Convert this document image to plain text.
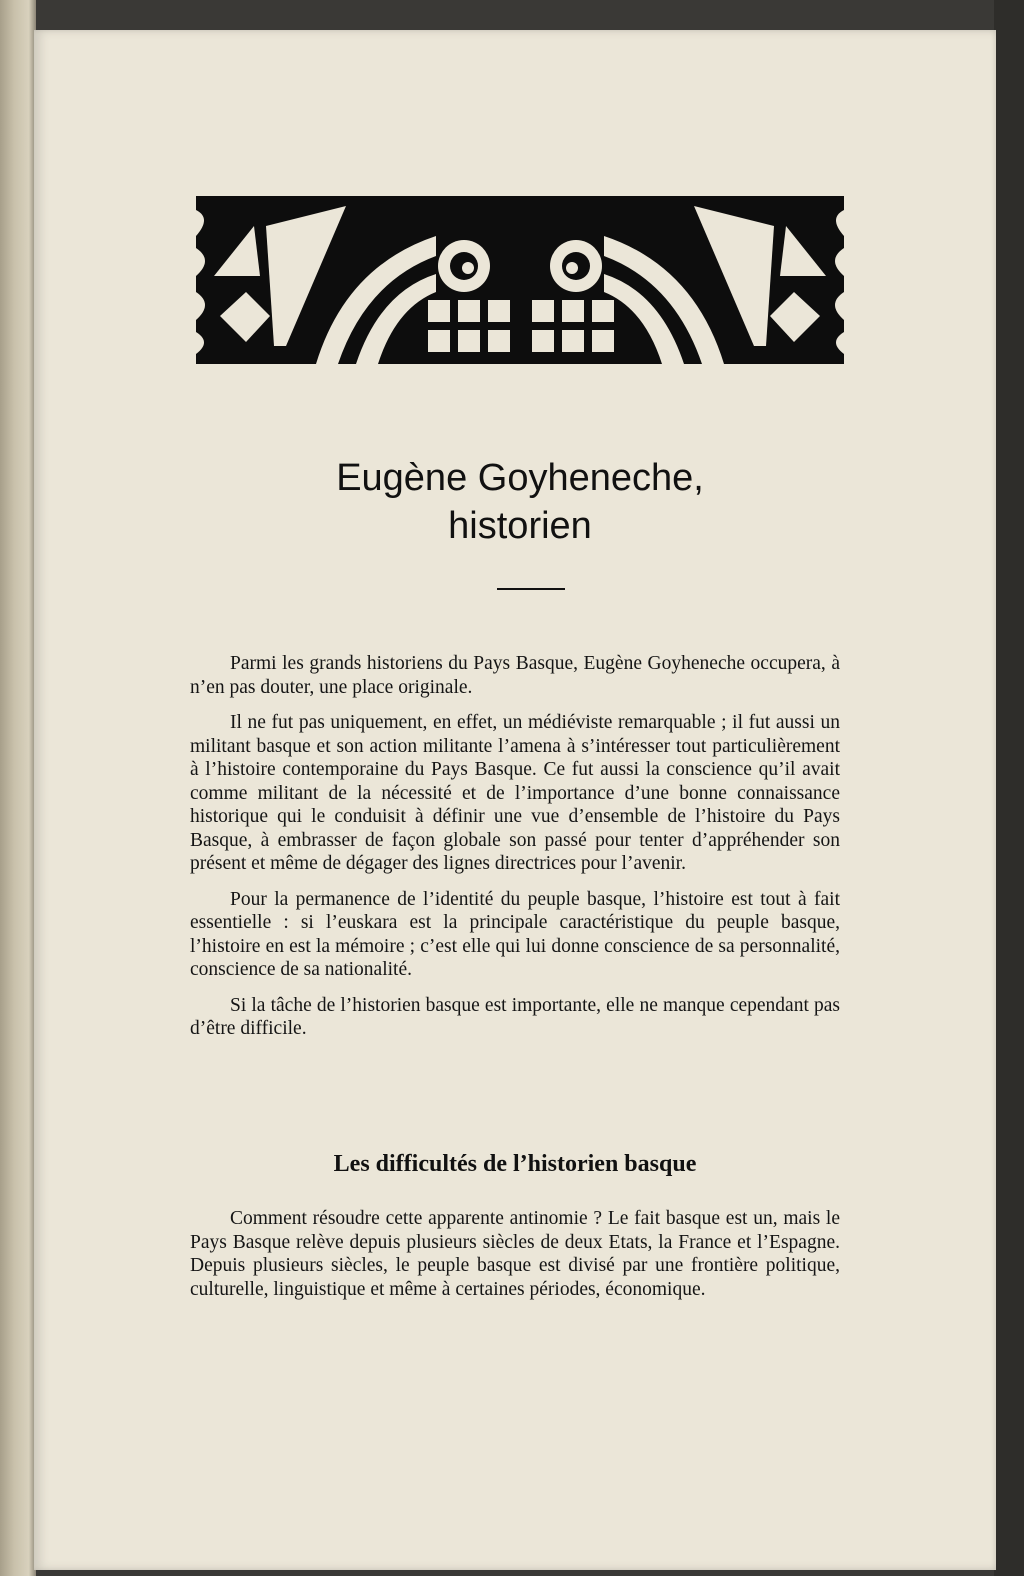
Eugène Goyheneche,
historien

Parmi les grands historiens du Pays Basque, Eugène Goyheneche occupera, à n’en pas douter, une place originale.

Il ne fut pas uniquement, en effet, un médiéviste remarquable ; il fut aussi un militant basque et son action militante l’amena à s’intéresser tout particulièrement à l’histoire contemporaine du Pays Basque. Ce fut aussi la conscience qu’il avait comme militant de la nécessité et de l’importance d’une bonne connaissance historique qui le conduisit à définir une vue d’ensemble de l’histoire du Pays Basque, à embrasser de façon globale son passé pour tenter d’appréhender son présent et même de dégager des lignes directrices pour l’avenir.

Pour la permanence de l’identité du peuple basque, l’histoire est tout à fait essentielle : si l’euskara est la principale caractéristique du peuple basque, l’histoire en est la mémoire ; c’est elle qui lui donne conscience de sa personnalité, conscience de sa nationalité.

Si la tâche de l’historien basque est importante, elle ne manque cependant pas d’être difficile.

Les difficultés de l’historien basque

Comment résoudre cette apparente antinomie ? Le fait basque est un, mais le Pays Basque relève depuis plusieurs siècles de deux Etats, la France et l’Espagne. Depuis plusieurs siècles, le peuple basque est divisé par une frontière politique, culturelle, linguistique et même à certaines périodes, économique.
